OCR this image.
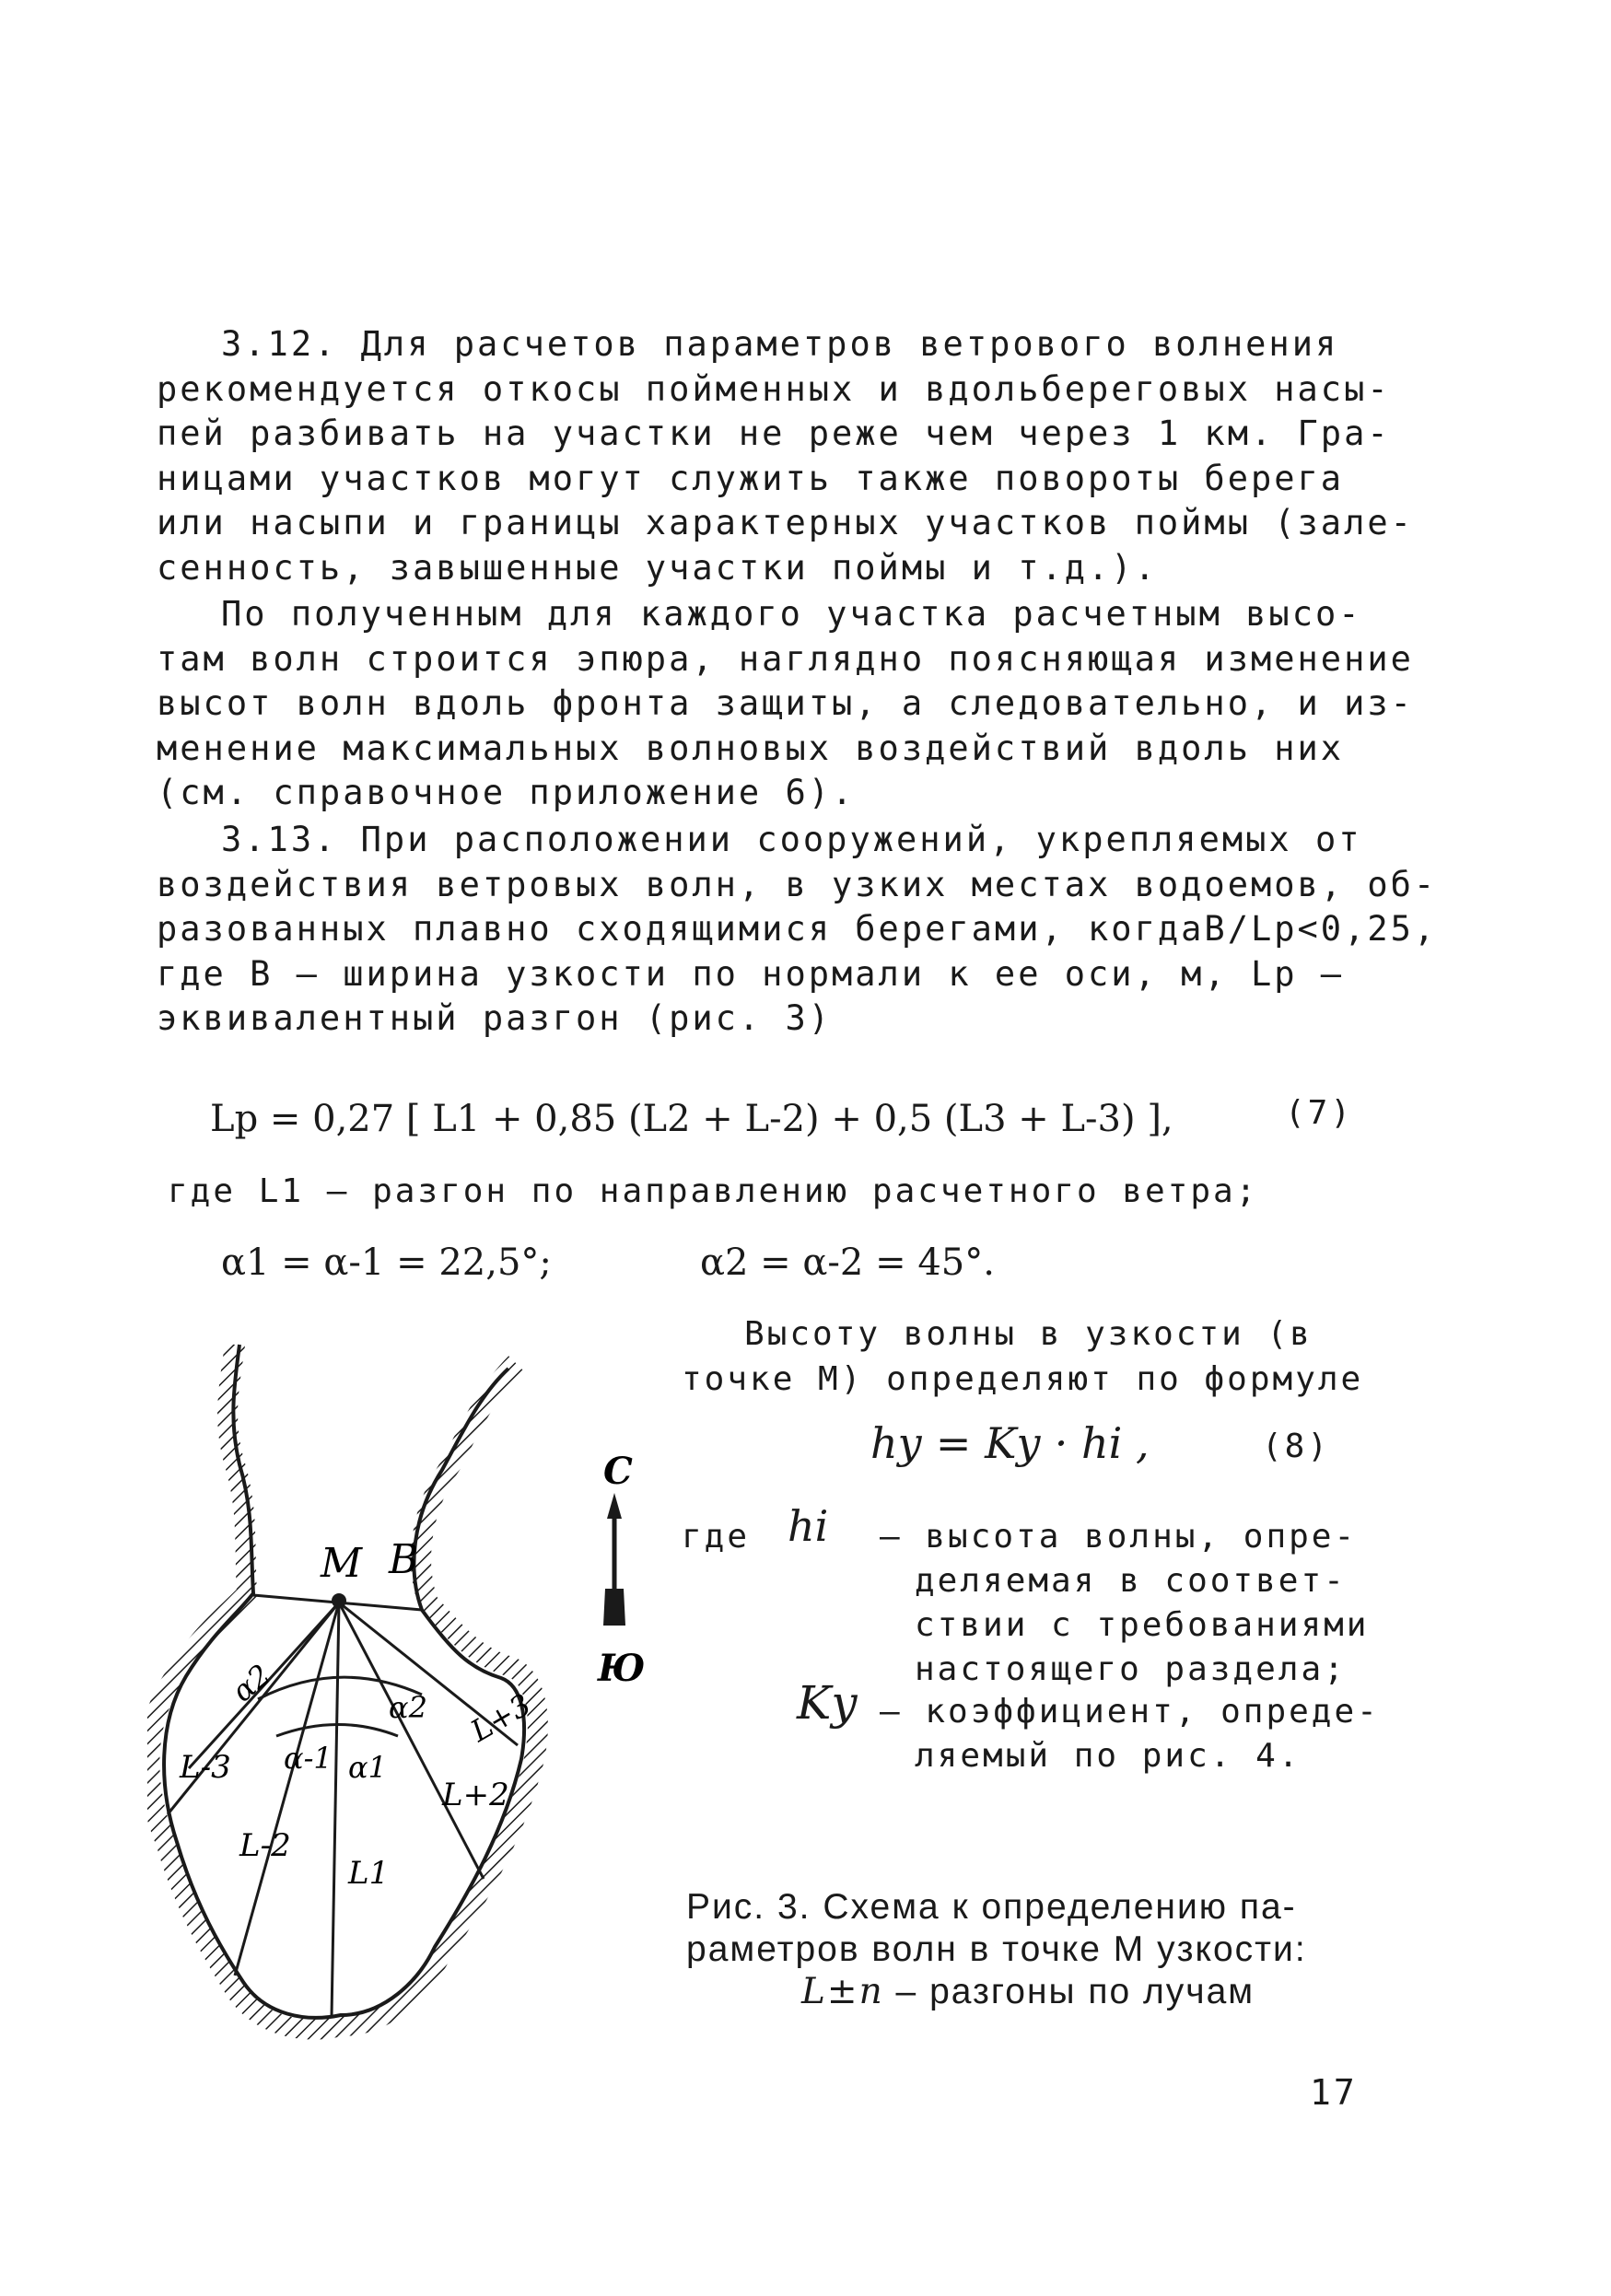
3.12. Для расчетов параметров ветрового волнения
рекомендуется откосы пойменных и вдольбереговых насы-
пей разбивать на участки не реже чем через 1 км. Гра-
ницами участков могут служить также повороты берега
или насыпи и границы характерных участков поймы (зале-
сенность, завышенные участки поймы и т.д.).

По полученным для каждого участка расчетным высо-
там волн строится эпюра, наглядно поясняющая изменение
высот волн вдоль фронта защиты, а следовательно, и из-
менение максимальных волновых воздействий вдоль них
(см. справочное приложение 6).

3.13. При расположении сооружений, укрепляемых от
воздействия ветровых волн, в узких местах водоемов, об-
разованных плавно сходящимися берегами, когдаB/Lp<0,25,
где B – ширина узкости по нормали к ее оси, м, Lp –
эквивалентный разгон (рис. 3)

Lp = 0,27 [ L1 + 0,85 (L2 + L-2) + 0,5 (L3 + L-3) ],	(7)
где L1 – разгон по направлению расчетного ветра;
α1 = α-1 = 22,5°;	α2 = α-2 = 45°.
M B
α2	α2
α-1 α1
L-3
L+3
L-2
L+2
L1
С
Ю
Высоту волны в узкости (в
точке М) определяют по формуле
hу = Kу · hi ,	(8)
где hi – высота волны, опре-
деляемая в соответ-
ствии с требованиями
настоящего раздела;
Kу – коэффициент, опреде-
ляемый по рис. 4.
Рис. 3. Схема к определению па-
раметров волн в точке М узкости:
L±n – разгоны по лучам
17
